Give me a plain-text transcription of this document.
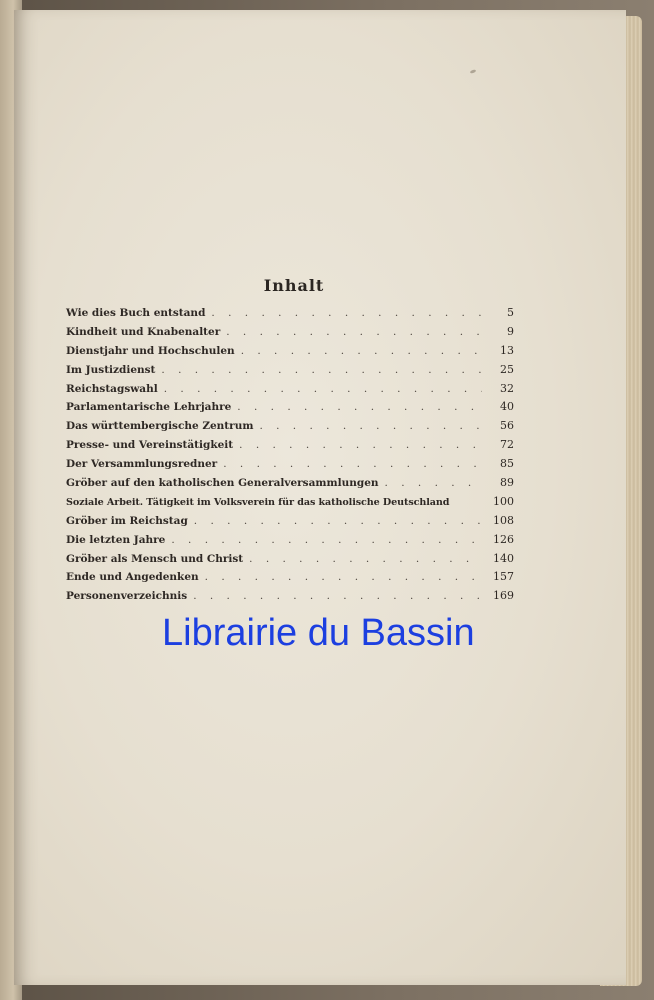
Inhalt
Wie dies Buch entstand . . .	5
Kindheit und Knabenalter . . .	9
Dienstjahr und Hochschulen . . .	13
Im Justizdienst . . .	25
Reichstagswahl . . .	32
Parlamentarische Lehrjahre . . .	40
Das württembergische Zentrum . . .	56
Presse- und Vereinstätigkeit . . .	72
Der Versammlungsredner . . .	85
Gröber auf den katholischen Generalversammlungen . . .	89
Soziale Arbeit. Tätigkeit im Volksverein für das katholische Deutschland	100
Gröber im Reichstag . . .	108
Die letzten Jahre . . .	126
Gröber als Mensch und Christ . . .	140
Ende und Angedenken . . .	157
Personenverzeichnis . . .	169
Librairie du Bassin
